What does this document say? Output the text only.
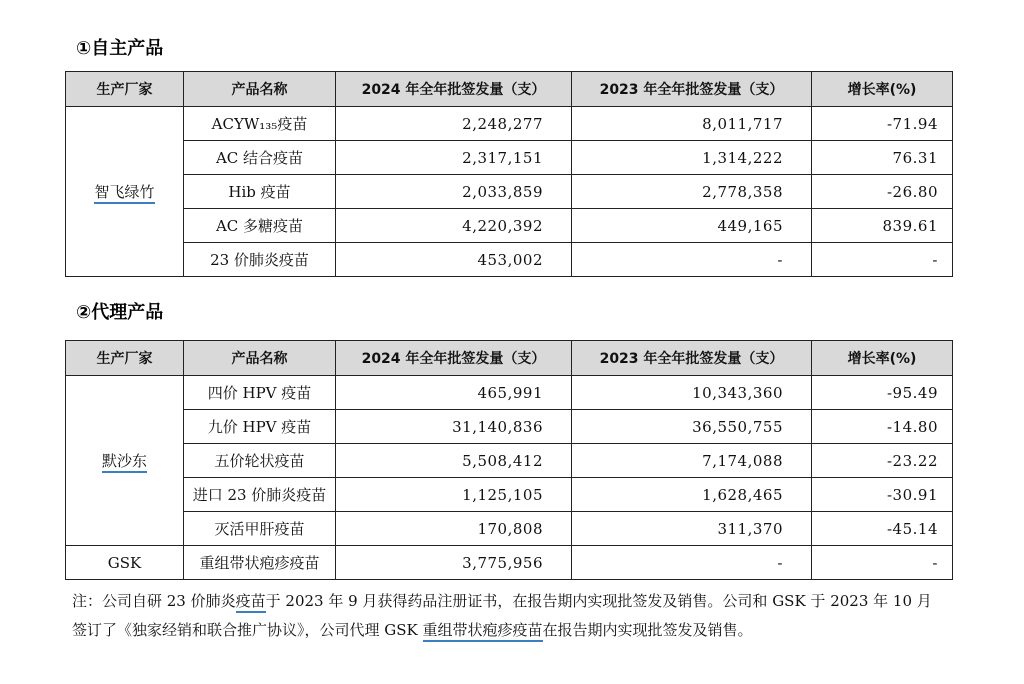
①自主产品
生产厂家	产品名称	2024 年全年批签发量（支）	2023 年全年批签发量（支）	增长率(%)
智飞绿竹	ACYW₁₃₅疫苗	2,248,277	8,011,717	-71.94
	AC 结合疫苗	2,317,151	1,314,222	76.31
	Hib 疫苗	2,033,859	2,778,358	-26.80
	AC 多糖疫苗	4,220,392	449,165	839.61
	23 价肺炎疫苗	453,002	-	-
②代理产品
生产厂家	产品名称	2024 年全年批签发量（支）	2023 年全年批签发量（支）	增长率(%)
默沙东	四价 HPV 疫苗	465,991	10,343,360	-95.49
	九价 HPV 疫苗	31,140,836	36,550,755	-14.80
	五价轮状疫苗	5,508,412	7,174,088	-23.22
	进口 23 价肺炎疫苗	1,125,105	1,628,465	-30.91
	灭活甲肝疫苗	170,808	311,370	-45.14
GSK	重组带状疱疹疫苗	3,775,956	-	-
注：公司自研 23 价肺炎疫苗于 2023 年 9 月获得药品注册证书，在报告期内实现批签发及销售。公司和 GSK 于 2023 年 10 月签订了《独家经销和联合推广协议》，公司代理 GSK 重组带状疱疹疫苗在报告期内实现批签发及销售。
